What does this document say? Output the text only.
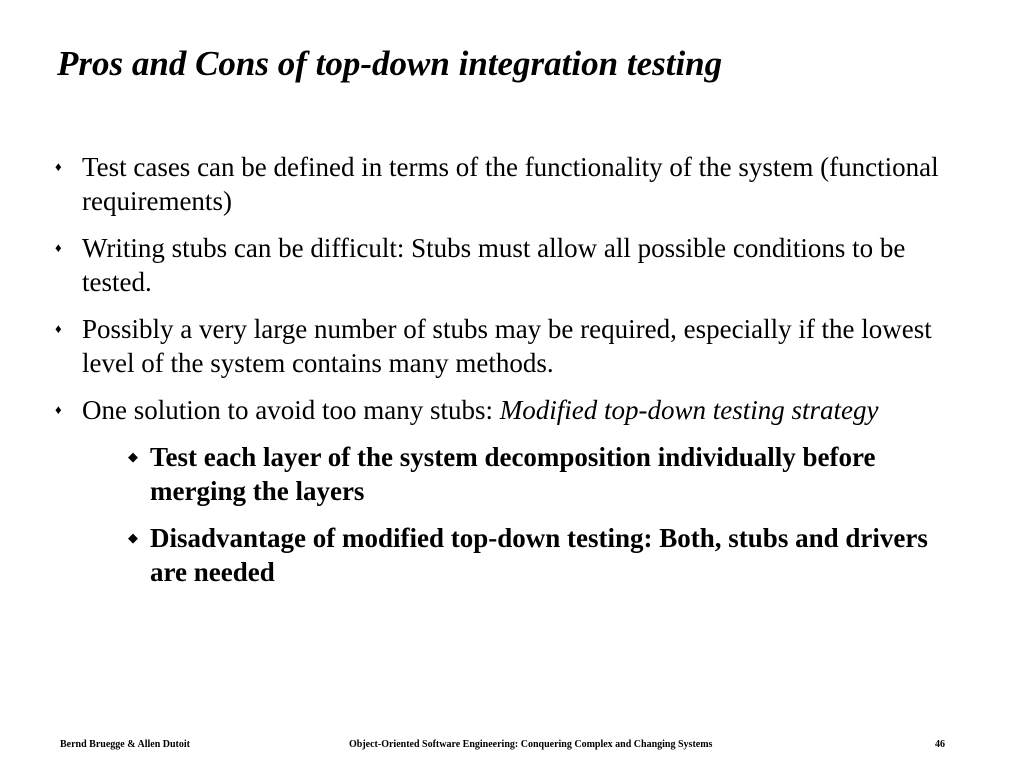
Pros and Cons of top-down integration testing
♦ Test cases can be defined in terms of the functionality of the system (functional requirements)
♦ Writing stubs can be difficult: Stubs must allow all possible conditions to be tested.
♦ Possibly a very large number of stubs may be required, especially if the lowest level of the system contains many methods.
♦ One solution to avoid too many stubs: Modified top-down testing strategy
◆ Test each layer of the system decomposition individually before merging the layers
◆ Disadvantage of modified top-down testing: Both, stubs and drivers are needed
Bernd Bruegge & Allen Dutoit	Object-Oriented Software Engineering: Conquering Complex and Changing Systems	46
